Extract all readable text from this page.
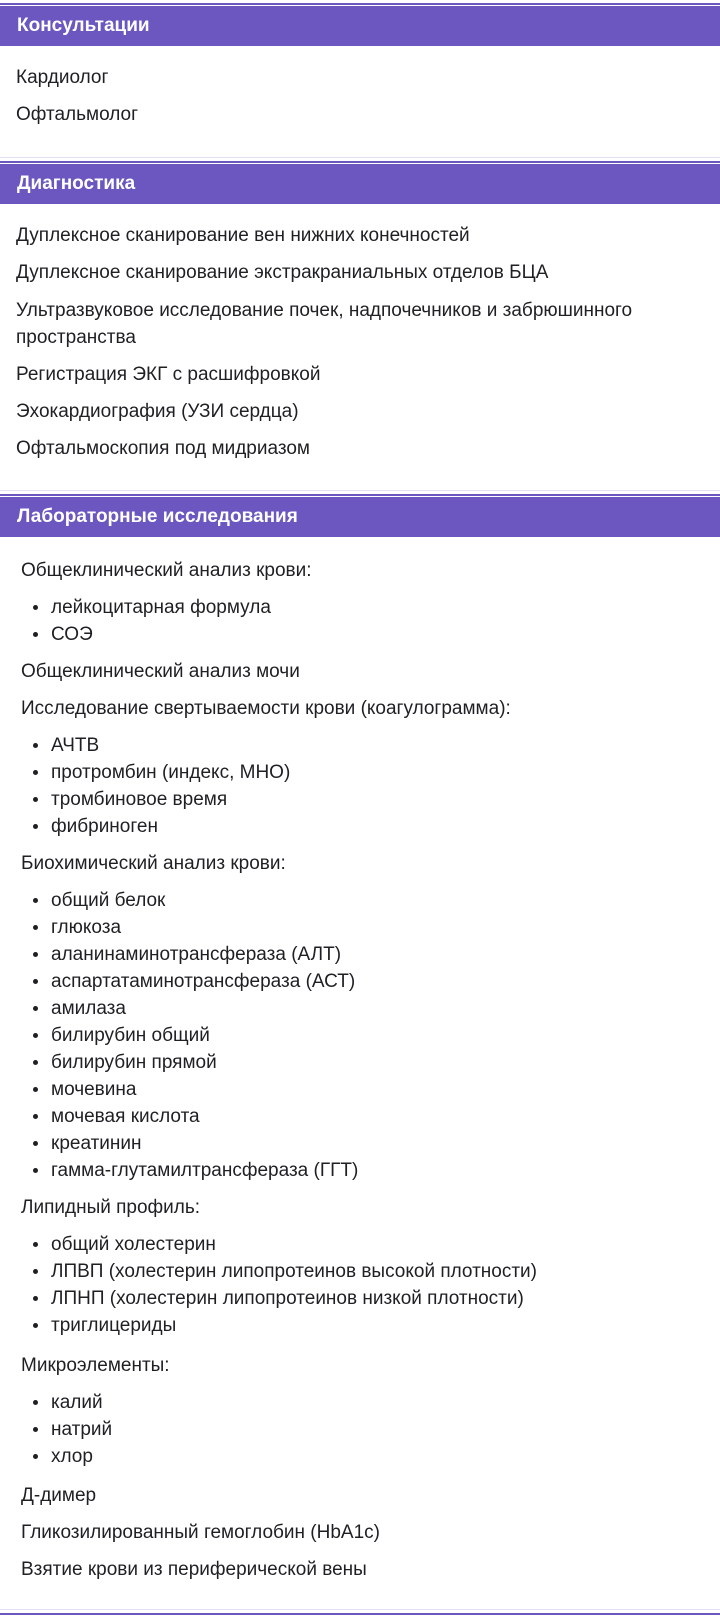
Консультации
Кардиолог
Офтальмолог
Диагностика
Дуплексное сканирование вен нижних конечностей
Дуплексное сканирование экстракраниальных отделов БЦА
Ультразвуковое исследование почек, надпочечников и забрюшинного пространства
Регистрация ЭКГ с расшифровкой
Эхокардиография (УЗИ сердца)
Офтальмоскопия под мидриазом
Лабораторные исследования
Общеклинический анализ крови:
лейкоцитарная формула
СОЭ
Общеклинический анализ мочи
Исследование свертываемости крови (коагулограмма):
АЧТВ
протромбин (индекс, МНО)
тромбиновое время
фибриноген
Биохимический анализ крови:
общий белок
глюкоза
аланинаминотрансфераза (АЛТ)
аспартатаминотрансфераза (АСТ)
амилаза
билирубин общий
билирубин прямой
мочевина
мочевая кислота
креатинин
гамма-глутамилтрансфераза (ГГТ)
Липидный профиль:
общий холестерин
ЛПВП (холестерин липопротеинов высокой плотности)
ЛПНП (холестерин липопротеинов низкой плотности)
триглицериды
Микроэлементы:
калий
натрий
хлор
Д-димер
Гликозилированный гемоглобин (HbA1c)
Взятие крови из периферической вены
